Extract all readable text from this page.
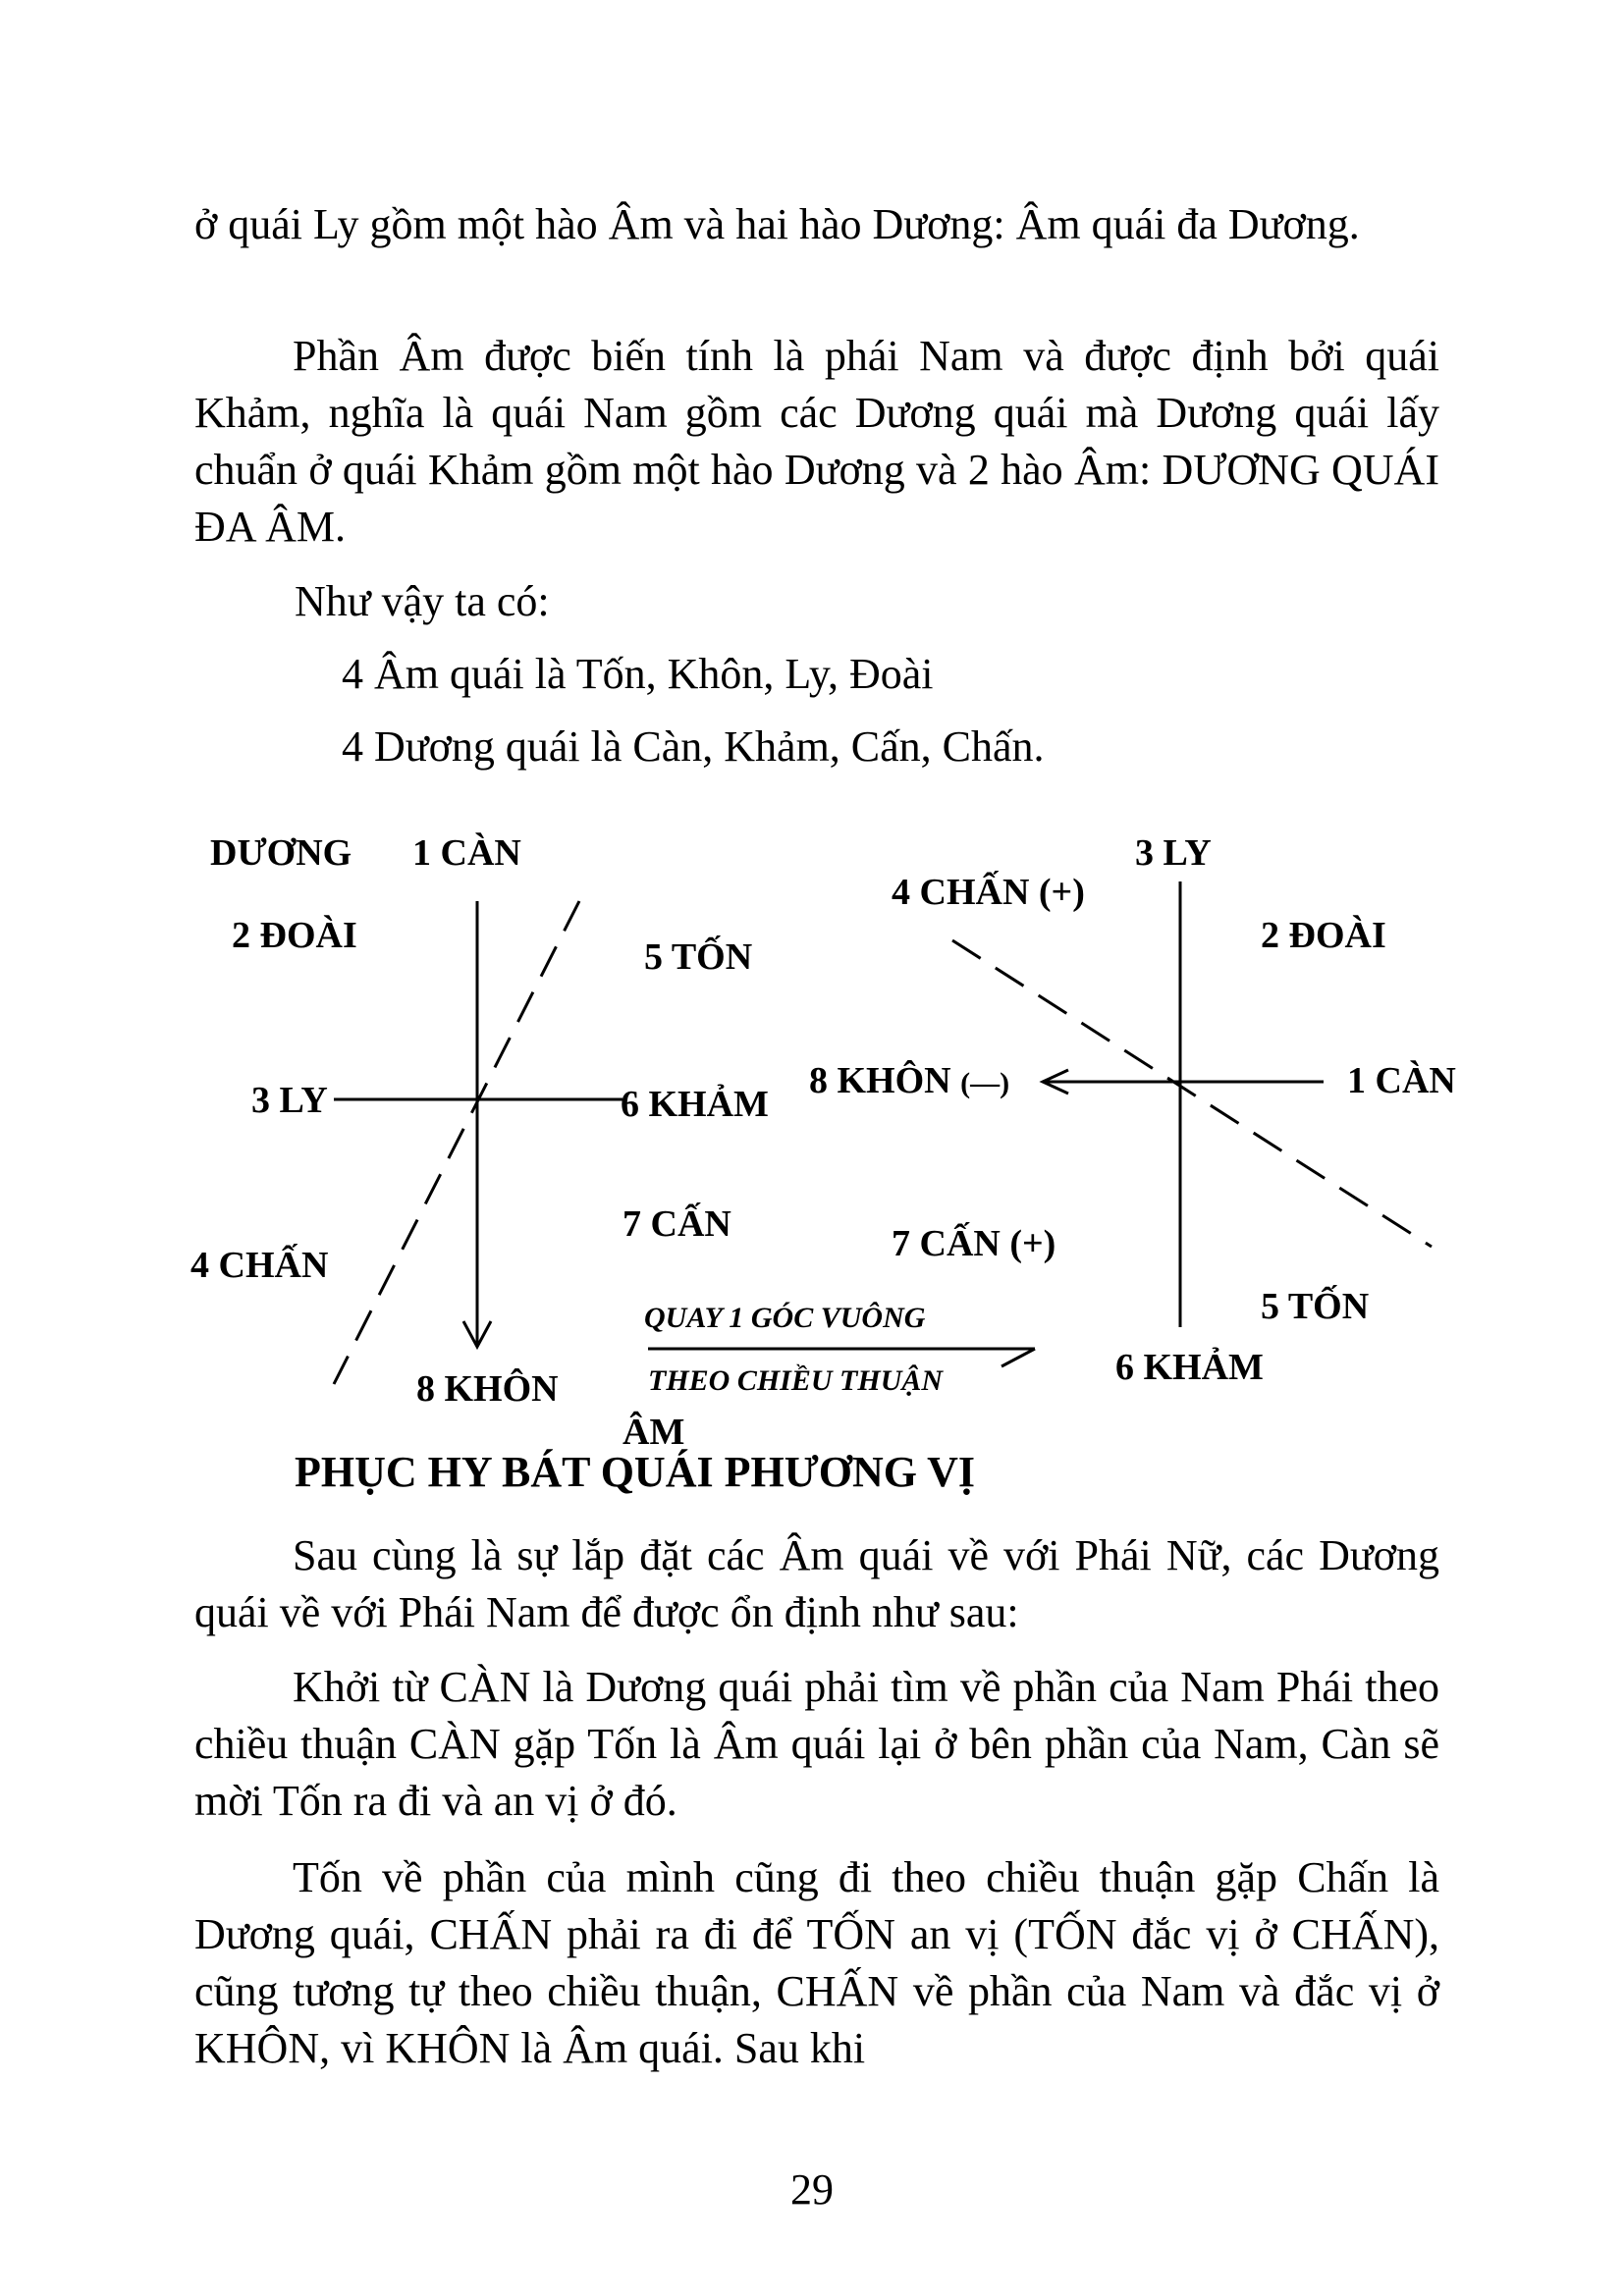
ở quái Ly gồm một hào Âm và hai hào Dương: Âm quái đa Dương.
Phần Âm được biến tính là phái Nam và được định bởi quái Khảm, nghĩa là quái Nam gồm các Dương quái mà Dương quái lấy chuẩn ở quái Khảm gồm một hào Dương và 2 hào Âm: DƯƠNG QUÁI ĐA ÂM.
Như vậy ta có:
4 Âm quái là Tốn, Khôn, Ly, Đoài
4 Dương quái là Càn, Khảm, Cấn, Chấn.
DƯƠNG 1 CÀN
2 ĐOÀI
5 TỐN
3 LY	6 KHẢM
7 CẤN
4 CHẤN
8 KHÔN
ÂM
QUAY 1 GÓC VUÔNG
THEO CHIỀU THUẬN
3 LY
4 CHẤN (+)
2 ĐOÀI
8 KHÔN (—)	1 CÀN
7 CẤN (+)
5 TỐN
6 KHẢM
PHỤC HY BÁT QUÁI PHƯƠNG VỊ
Sau cùng là sự lắp đặt các Âm quái về với Phái Nữ, các Dương quái về với Phái Nam để được ổn định như sau:
Khởi từ CÀN là Dương quái phải tìm về phần của Nam Phái theo chiều thuận CÀN gặp Tốn là Âm quái lại ở bên phần của Nam, Càn sẽ mời Tốn ra đi và an vị ở đó.
Tốn về phần của mình cũng đi theo chiều thuận gặp Chấn là Dương quái, CHẤN phải ra đi để TỐN an vị (TỐN đắc vị ở CHẤN), cũng tương tự theo chiều thuận, CHẤN về phần của Nam và đắc vị ở KHÔN, vì KHÔN là Âm quái. Sau khi
29
